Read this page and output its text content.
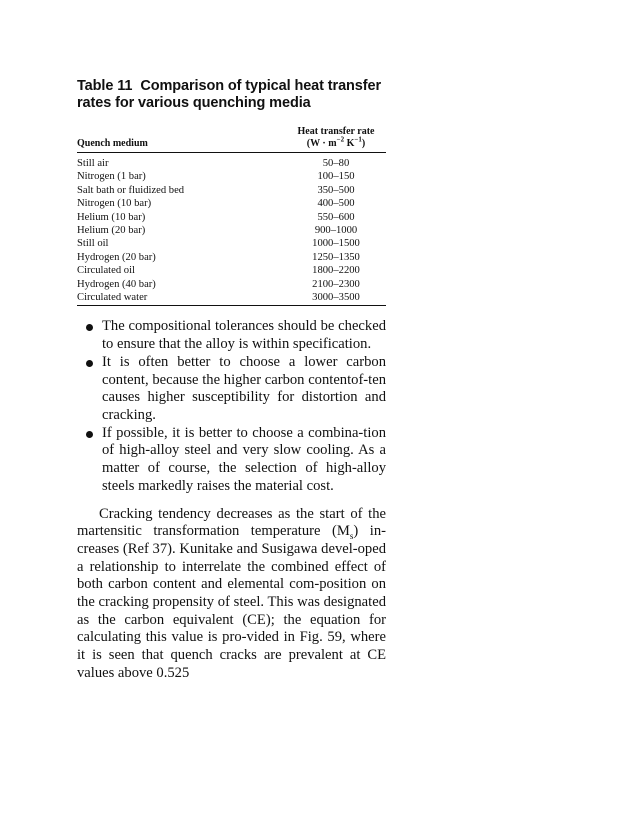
Table 11 Comparison of typical heat transfer rates for various quenching media
Quench medium	Heat transfer rate
($W \cdot m^{-2}$ $K^{-1}$)

Still air	50–80
Nitrogen (1 bar)	100–150
Salt bath or fluidized bed	350–500
Nitrogen (10 bar)	400–500
Helium (10 bar)	550–600
Helium (20 bar)	900–1000
Still oil	1000–1500
Hydrogen (20 bar)	1250–1350
Circulated oil	1800–2200
Hydrogen (40 bar)	2100–2300
Circulated water	3000–3500
The compositional tolerances should be checked to ensure that the alloy is within specification.
It is often better to choose a lower carbon content, because the higher carbon contentof-ten causes higher susceptibility for distortion and cracking.
If possible, it is better to choose a combina-tion of high-alloy steel and very slow cooling. As a matter of course, the selection of high-alloy steels markedly raises the material cost.

Cracking tendency decreases as the start of the martensitic transformation temperature $(M_s)$ in-creases (Ref 37). Kunitake and Susigawa devel-oped a relationship to interrelate the combined effect of both carbon content and elemental com-position on the cracking propensity of steel. This was designated as the carbon equivalent (CE); the equation for calculating this value is pro-vided in Fig. 59, where it is seen that quench cracks are prevalent at CE values above 0.525
